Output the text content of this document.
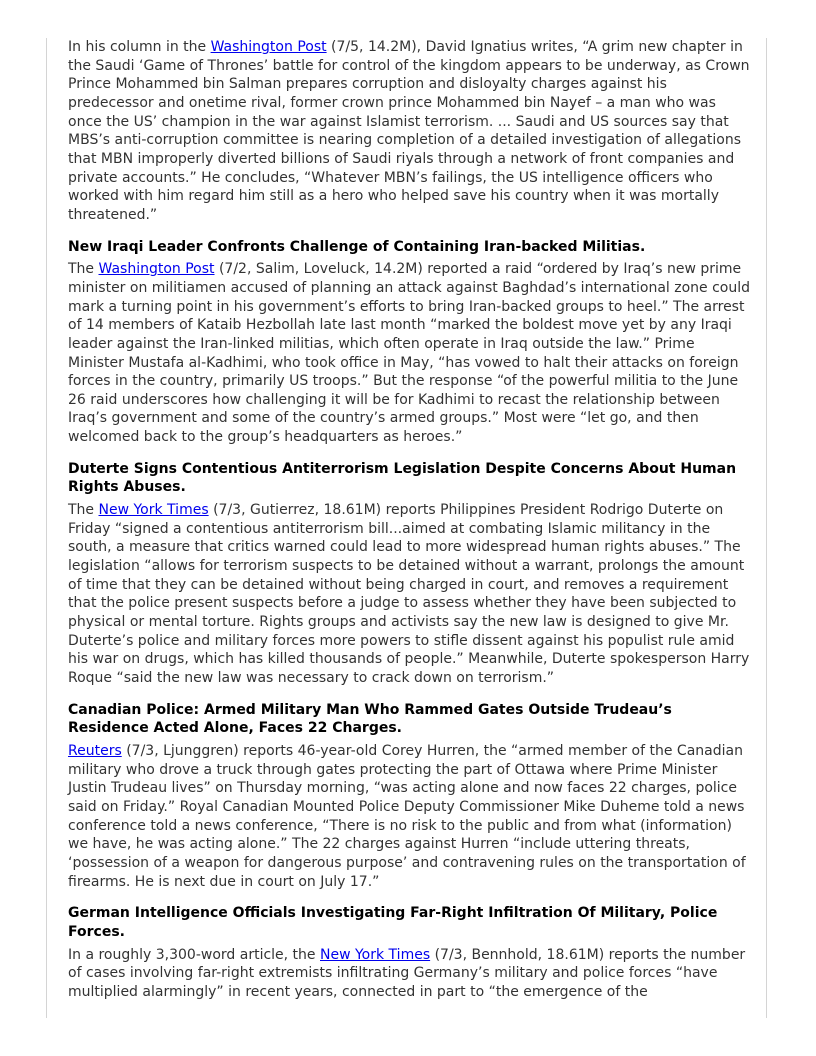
In his column in the Washington Post (7/5, 14.2M), David Ignatius writes, “A grim new chapter in the Saudi ‘Game of Thrones’ battle for control of the kingdom appears to be underway, as Crown Prince Mohammed bin Salman prepares corruption and disloyalty charges against his predecessor and onetime rival, former crown prince Mohammed bin Nayef – a man who was once the US’ champion in the war against Islamist terrorism. ... Saudi and US sources say that MBS’s anti-corruption committee is nearing completion of a detailed investigation of allegations that MBN improperly diverted billions of Saudi riyals through a network of front companies and private accounts.” He concludes, “Whatever MBN’s failings, the US intelligence officers who worked with him regard him still as a hero who helped save his country when it was mortally threatened.”

New Iraqi Leader Confronts Challenge of Containing Iran-backed Militias.

The Washington Post (7/2, Salim, Loveluck, 14.2M) reported a raid “ordered by Iraq’s new prime minister on militiamen accused of planning an attack against Baghdad’s international zone could mark a turning point in his government’s efforts to bring Iran-backed groups to heel.” The arrest of 14 members of Kataib Hezbollah late last month “marked the boldest move yet by any Iraqi leader against the Iran-linked militias, which often operate in Iraq outside the law.” Prime Minister Mustafa al-Kadhimi, who took office in May, “has vowed to halt their attacks on foreign forces in the country, primarily US troops.” But the response “of the powerful militia to the June 26 raid underscores how challenging it will be for Kadhimi to recast the relationship between Iraq’s government and some of the country’s armed groups.” Most were “let go, and then welcomed back to the group’s headquarters as heroes.”

Duterte Signs Contentious Antiterrorism Legislation Despite Concerns About Human Rights Abuses.

The New York Times (7/3, Gutierrez, 18.61M) reports Philippines President Rodrigo Duterte on Friday “signed a contentious antiterrorism bill...aimed at combating Islamic militancy in the south, a measure that critics warned could lead to more widespread human rights abuses.” The legislation “allows for terrorism suspects to be detained without a warrant, prolongs the amount of time that they can be detained without being charged in court, and removes a requirement that the police present suspects before a judge to assess whether they have been subjected to physical or mental torture. Rights groups and activists say the new law is designed to give Mr. Duterte’s police and military forces more powers to stifle dissent against his populist rule amid his war on drugs, which has killed thousands of people.” Meanwhile, Duterte spokesperson Harry Roque “said the new law was necessary to crack down on terrorism.”

Canadian Police: Armed Military Man Who Rammed Gates Outside Trudeau’s Residence Acted Alone, Faces 22 Charges.

Reuters (7/3, Ljunggren) reports 46-year-old Corey Hurren, the “armed member of the Canadian military who drove a truck through gates protecting the part of Ottawa where Prime Minister Justin Trudeau lives” on Thursday morning, “was acting alone and now faces 22 charges, police said on Friday.” Royal Canadian Mounted Police Deputy Commissioner Mike Duheme told a news conference told a news conference, “There is no risk to the public and from what (information) we have, he was acting alone.” The 22 charges against Hurren “include uttering threats, ‘possession of a weapon for dangerous purpose’ and contravening rules on the transportation of firearms. He is next due in court on July 17.”

German Intelligence Officials Investigating Far-Right Infiltration Of Military, Police Forces.

In a roughly 3,300-word article, the New York Times (7/3, Bennhold, 18.61M) reports the number of cases involving far-right extremists infiltrating Germany’s military and police forces “have multiplied alarmingly” in recent years, connected in part to “the emergence of the
